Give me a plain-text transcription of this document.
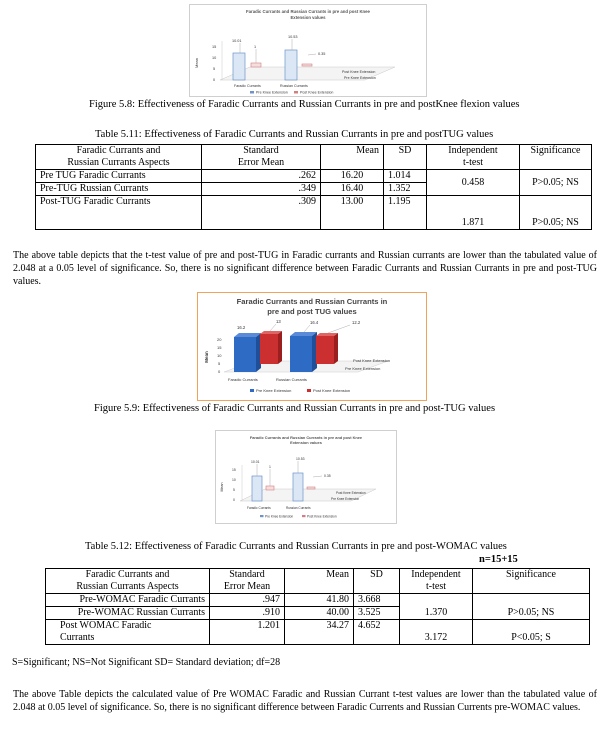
Faradic Currants and Russian Currants in pre and post Knee
Extension values
Mean
15
10
5
0
10.01
1
10.53
0.35
Post Knee Extension
Pre Knee Extension
Faradic Currants	Russian Currants
Pre Knee Extension	Post Knee Extension
Figure 5.8: Effectiveness of Faradic Currants and Russian Currants in pre and postKnee flexion values
Table 5.11: Effectiveness of Faradic Currants and Russian Currants in pre and postTUG values
Faradic Currants and
Russian Currants Aspects	Standard
Error Mean	Mean	SD	Independent
t-test	Significance
Pre TUG Faradic Currants	.262	16.20	1.014	0.458	P>0.05; NS
Pre-TUG Russian Currants	.349	16.40	1.352		
Post-TUG Faradic Currants	.309	13.00	1.195	1.871	P>0.05; NS
The above table depicts that the t-test value of pre and post-TUG in Faradic currants and Russian currants are lower than the tabulated value of 2.048 at a 0.05 level of significance. So, there is no significant difference between Faradic Currants and Russian Currants in pre and post-TUG values.
Faradic Currants and Russian Currants in
pre and post TUG values
Mean
20
15
10
5
0
16.2
13	16.4	12.2
Post Knee Extension
Pre Knee Extension
Faradic Currants	Russian Currants
Pre Knee Extension	Post Knee Extension
Figure 5.9: Effectiveness of Faradic Currants and Russian Currants in pre and post-TUG values
Faradic Currants and Russian Currants in pre and post Knee
Extension values
Mean
15
10
5
0
10.01
1
10.53
0.35
Post Knee Extension
Pre Knee Extension
Faradic Currants	Russian Currants
Pre Knee Extension	Post Knee Extension
Table 5.12: Effectiveness of Faradic Currants and Russian Currants in pre and post-WOMAC values
n=15+15
Faradic Currants and
Russian Currants Aspects	Standard
Error Mean	Mean	SD	Independent
t-test	Significance
Pre-WOMAC Faradic Currants	.947	41.80	3.668	1.370	P>0.05; NS
Pre-WOMAC Russian Currants	.910	40.00	3.525		
Post WOMAC Faradic
Currants	1.201	34.27	4.652	3.172	P<0.05; S
S=Significant; NS=Not Significant SD= Standard deviation; df=28
The above Table depicts the calculated value of Pre WOMAC Faradic and Russian Currant t-test values are lower than the tabulated value of 2.048 at 0.05 level of significance. So, there is no significant difference between Faradic Currents and Russian Currents pre-WOMAC values.
